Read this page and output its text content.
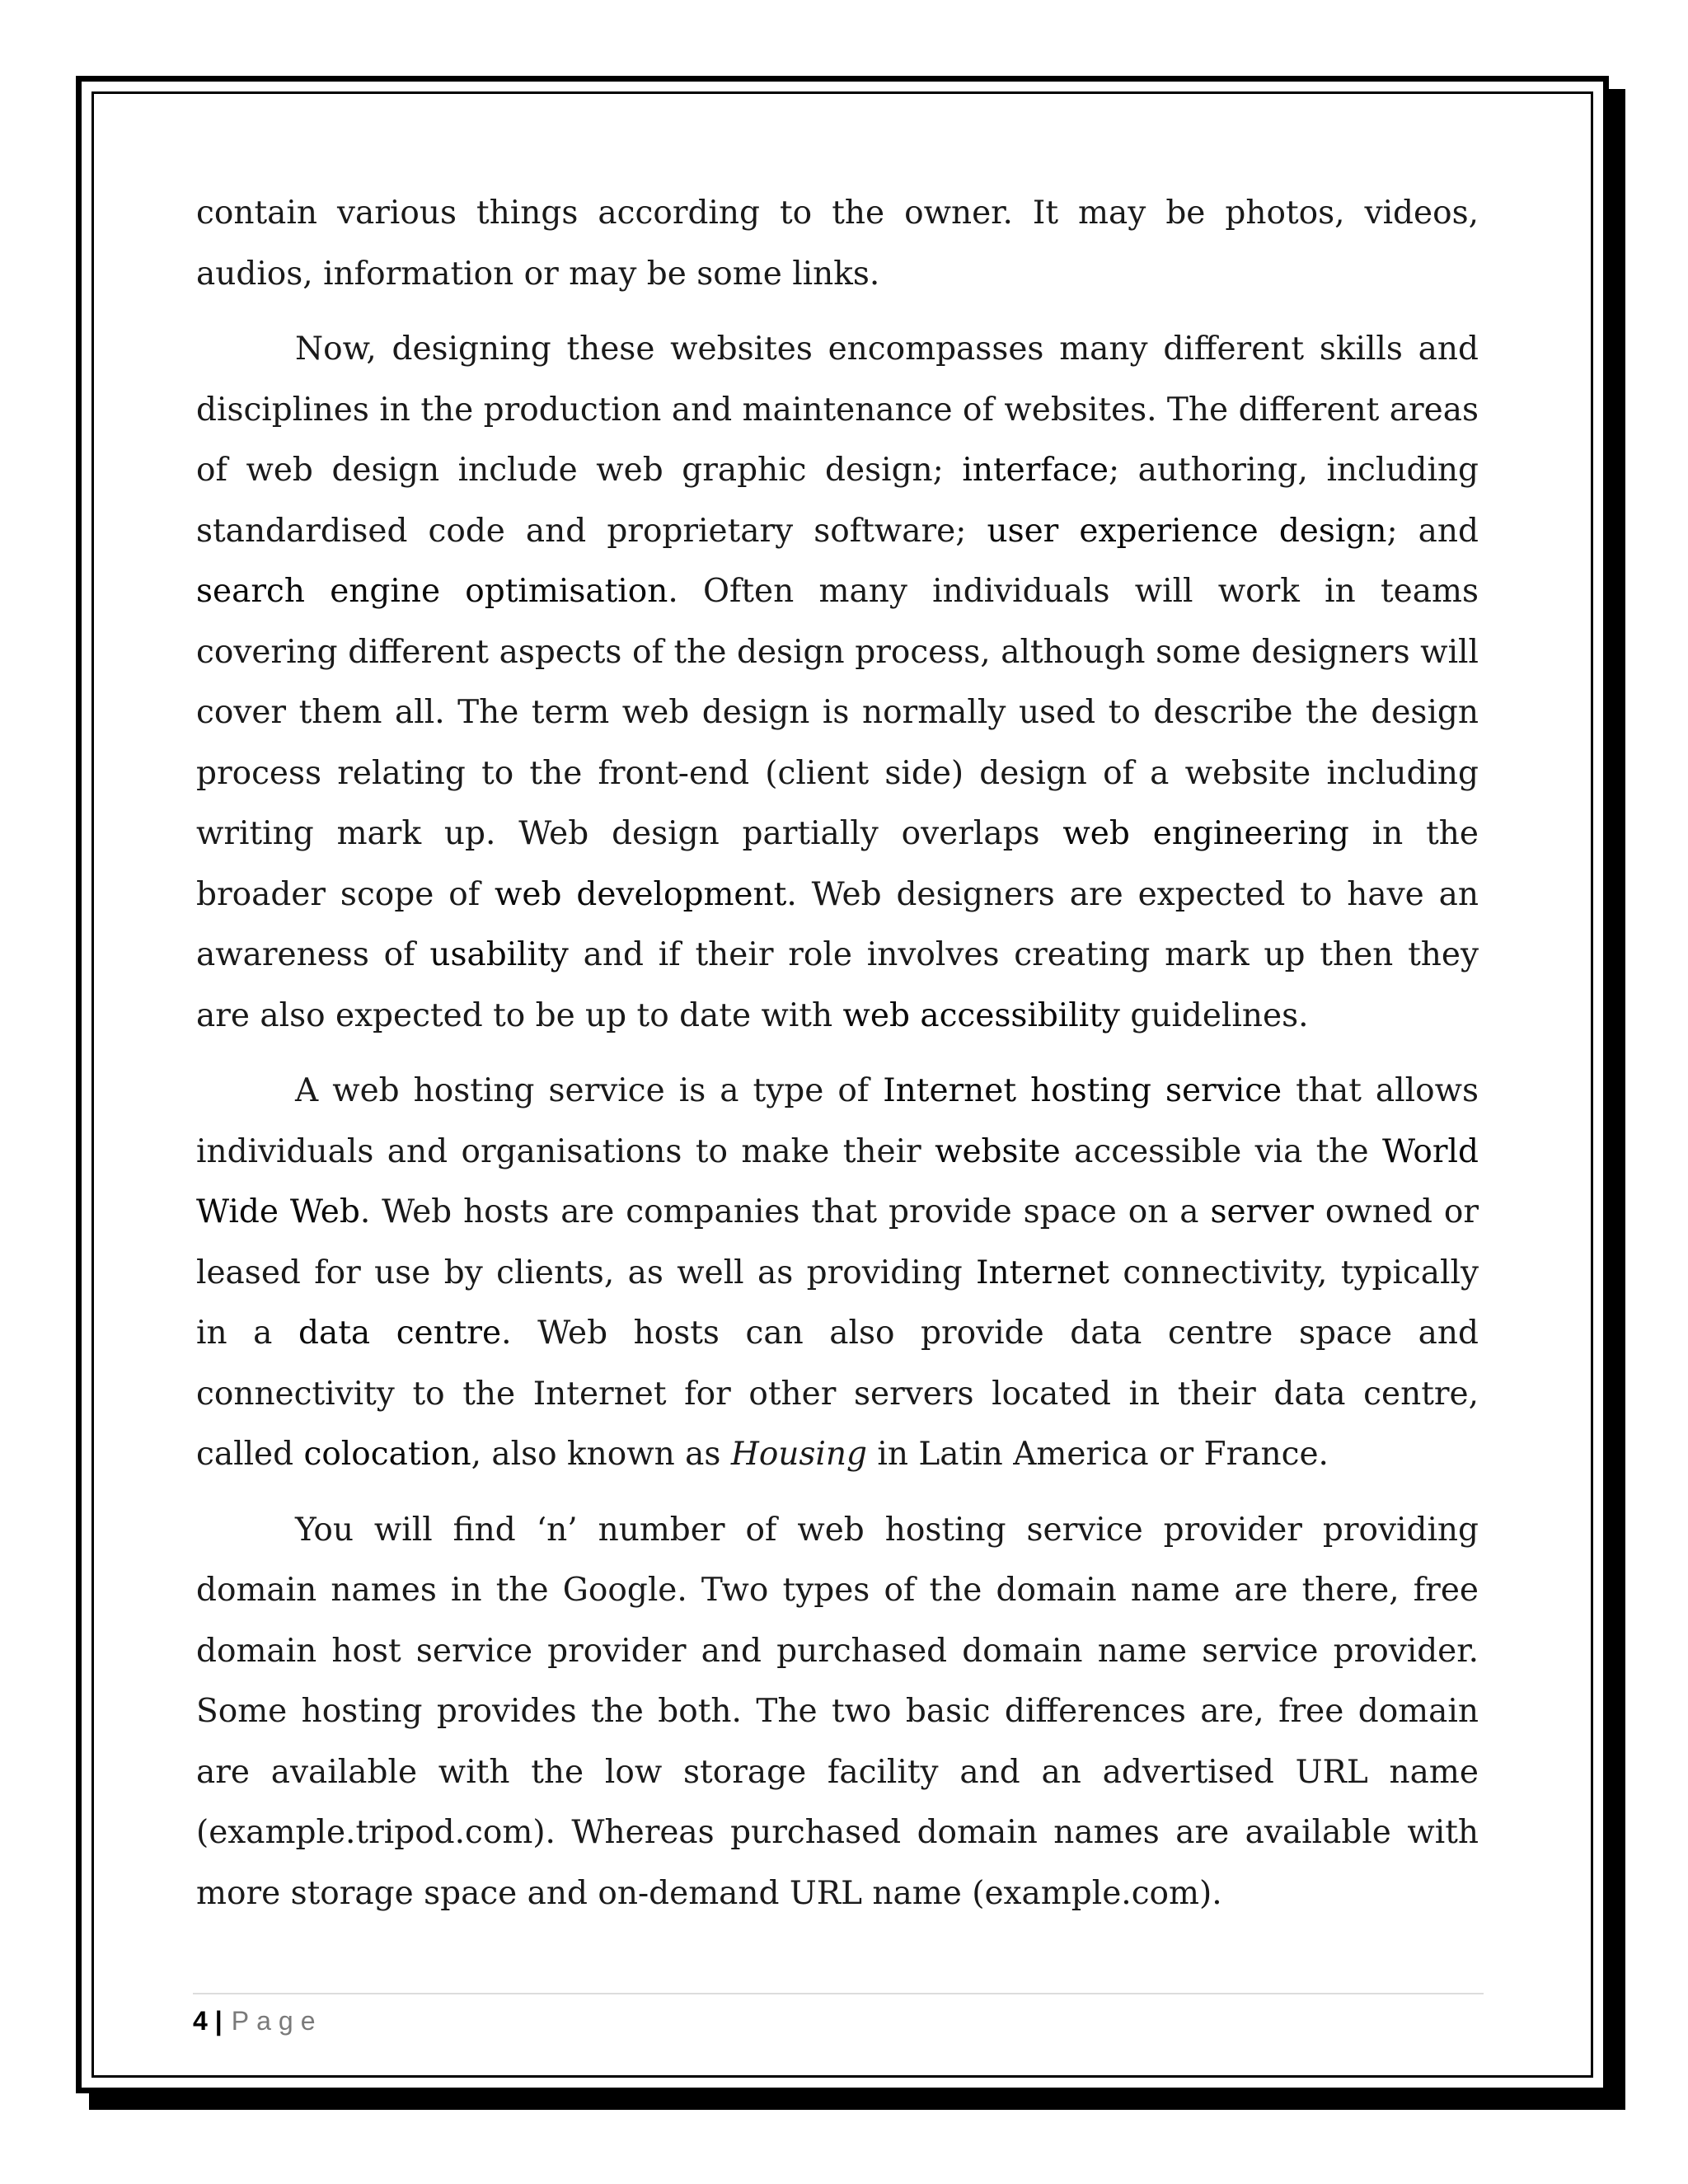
contain various things according to the owner. It may be photos, videos, audios, information or may be some links.

Now, designing these websites encompasses many different skills and disciplines in the production and maintenance of websites. The different areas of web design include web graphic design; interface; authoring, including standardised code and proprietary software; user experience design; and search engine optimisation. Often many individuals will work in teams covering different aspects of the design process, although some designers will cover them all. The term web design is normally used to describe the design process relating to the front-end (client side) design of a website including writing mark up. Web design partially overlaps web engineering in the broader scope of web development. Web designers are expected to have an awareness of usability and if their role involves creating mark up then they are also expected to be up to date with web accessibility guidelines.

A web hosting service is a type of Internet hosting service that allows individuals and organisations to make their website accessible via the World Wide Web. Web hosts are companies that provide space on a server owned or leased for use by clients, as well as providing Internet connectivity, typically in a data centre. Web hosts can also provide data centre space and connectivity to the Internet for other servers located in their data centre, called colocation, also known as Housing in Latin America or France.

You will find ‘n’ number of web hosting service provider providing domain names in the Google. Two types of the domain name are there, free domain host service provider and purchased domain name service provider. Some hosting provides the both. The two basic differences are, free domain are available with the low storage facility and an advertised URL name (example.tripod.com). Whereas purchased domain names are available with more storage space and on-demand URL name (example.com).

4 | Page
